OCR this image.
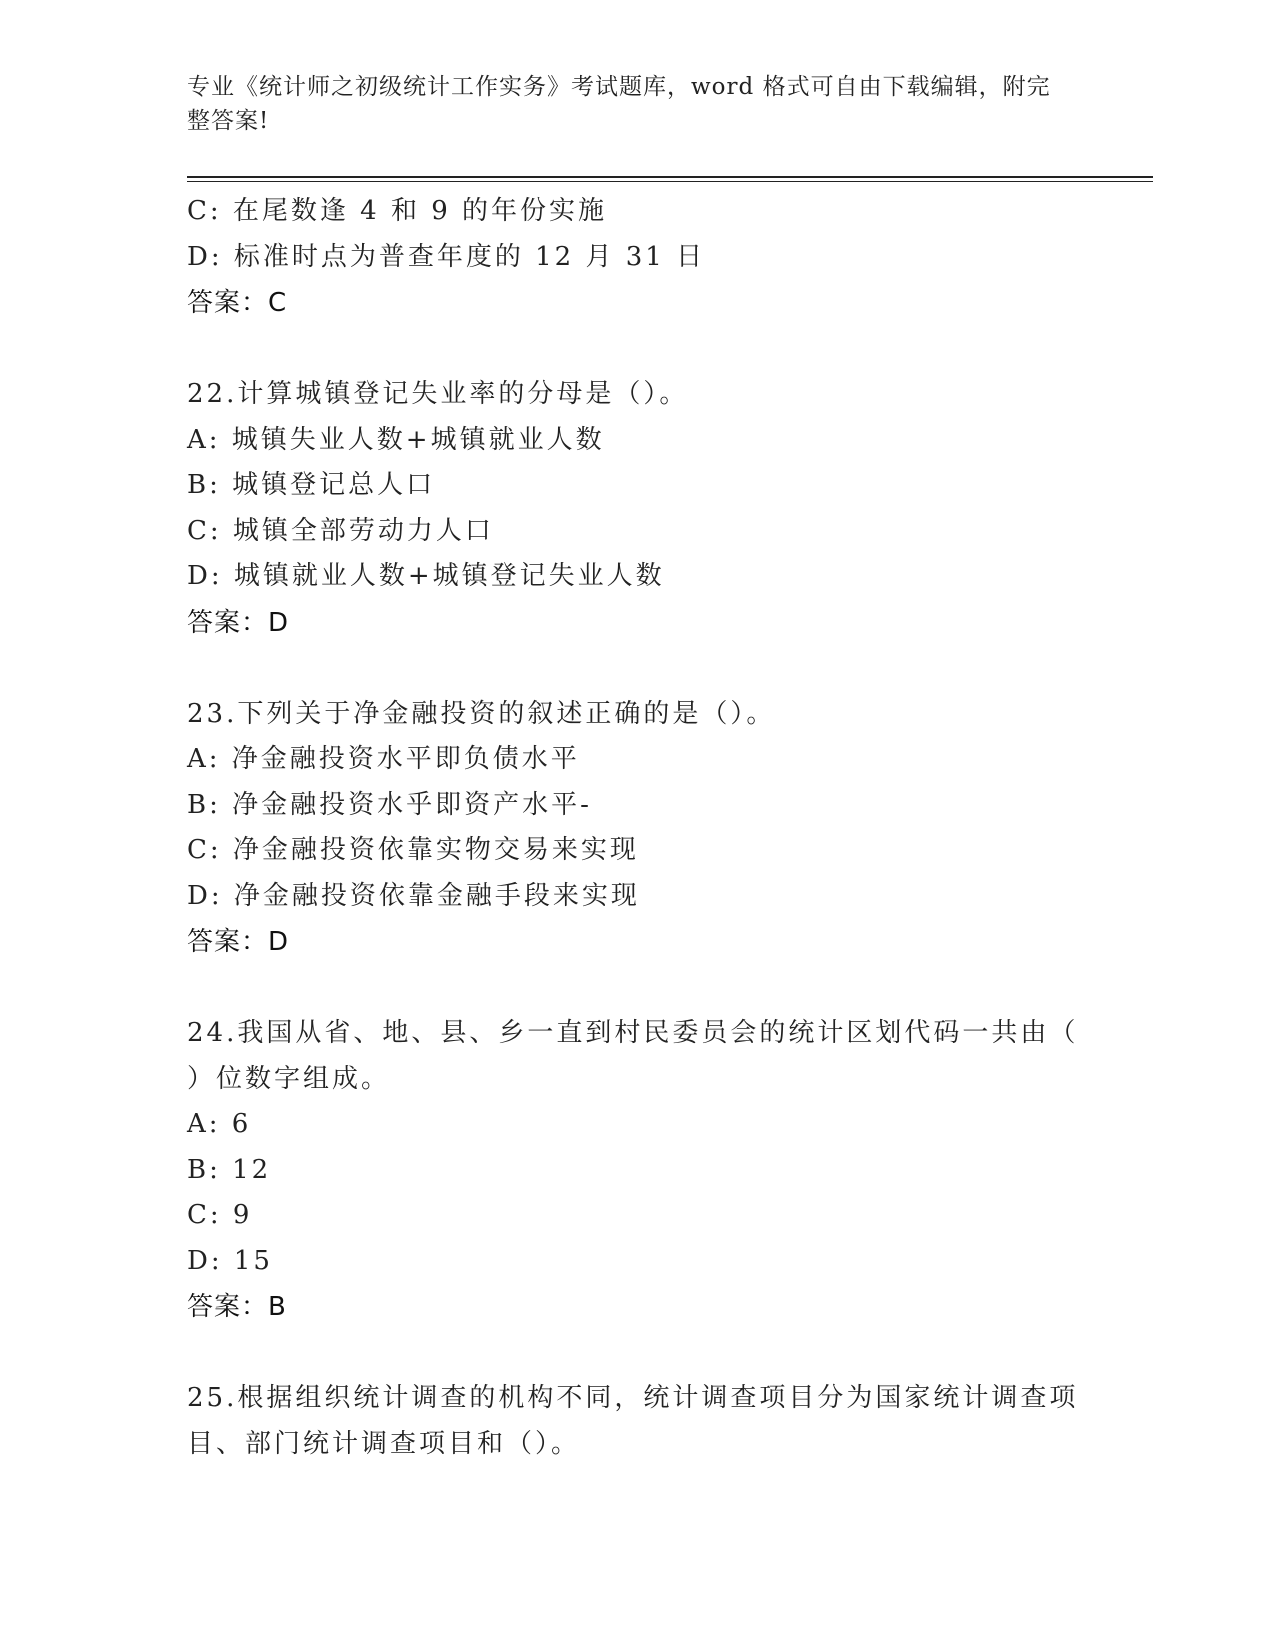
专业《统计师之初级统计工作实务》考试题库，word 格式可自由下载编辑，附完
整答案!
C: 在尾数逢 4 和 9 的年份实施
D: 标准时点为普查年度的 12 月 31 日
答案：C
22.计算城镇登记失业率的分母是（）。
A: 城镇失业人数+城镇就业人数
B: 城镇登记总人口
C: 城镇全部劳动力人口
D: 城镇就业人数+城镇登记失业人数
答案：D
23.下列关于净金融投资的叙述正确的是（）。
A: 净金融投资水平即负债水平
B: 净金融投资水乎即资产水平-
C: 净金融投资依靠实物交易来实现
D: 净金融投资依靠金融手段来实现
答案：D
24.我国从省、地、县、乡一直到村民委员会的统计区划代码一共由（
）位数字组成。
A: 6
B: 12
C: 9
D: 15
答案：B
25.根据组织统计调查的机构不同，统计调查项目分为国家统计调查项
目、部门统计调查项目和（）。
